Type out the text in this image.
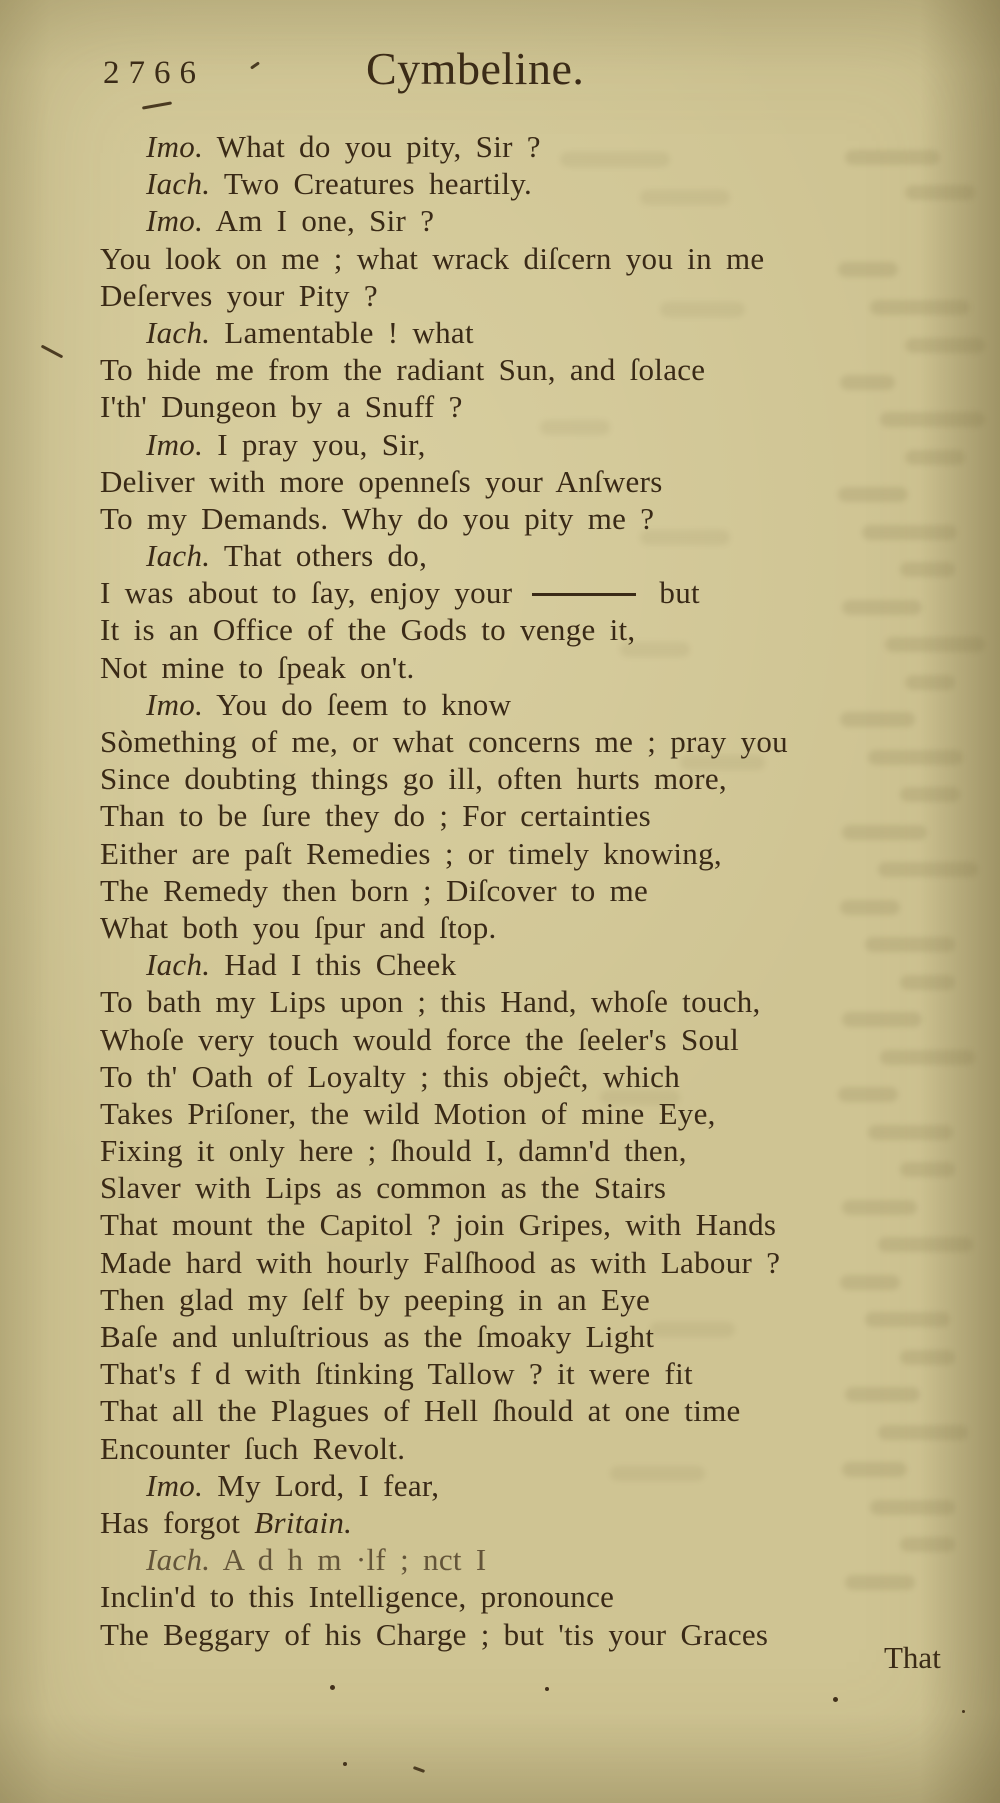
2766	Cymbeline.
Imo. What do you pity, Sir ?
Iach. Two Creatures heartily.
Imo. Am I one, Sir ?
You look on me ; what wrack diſcern you in me
Deſerves your Pity ?
Iach. Lamentable ! what
To hide me from the radiant Sun, and ſolace
I'th' Dungeon by a Snuff ?
Imo. I pray you, Sir,
Deliver with more openneſs your Anſwers
To my Demands. Why do you pity me ?
Iach. That others do,
I was about to ſay, enjoy your	but
It is an Office of the Gods to venge it,
Not mine to ſpeak on't.
Imo. You do ſeem to know
Sòmething of me, or what concerns me ; pray you
Since doubting things go ill, often hurts more,
Than to be ſure they do ; For certainties
Either are paſt Remedies ; or timely knowing,
The Remedy then born ; Diſcover to me
What both you ſpur and ſtop.
Iach. Had I this Cheek
To bath my Lips upon ; this Hand, whoſe touch,
Whoſe very touch would force the ſeeler's Soul
To th' Oath of Loyalty ; this objeĉt, which
Takes Priſoner, the wild Motion of mine Eye,
Fixing it only here ; ſhould I, damn'd then,
Slaver with Lips as common as the Stairs
That mount the Capitol ? join Gripes, with Hands
Made hard with hourly Falſhood as with Labour ?
Then glad my ſelf by peeping in an Eye
Baſe and unluſtrious as the ſmoaky Light
That's f d with ſtinking Tallow ? it were fit
That all the Plagues of Hell ſhould at one time
Encounter ſuch Revolt.
Imo. My Lord, I fear,
Has forgot Britain.
Iach. A d h m ·lf ; nct I
Inclin'd to this Intelligence, pronounce
The Beggary of his Charge ; but 'tis your Graces
That
